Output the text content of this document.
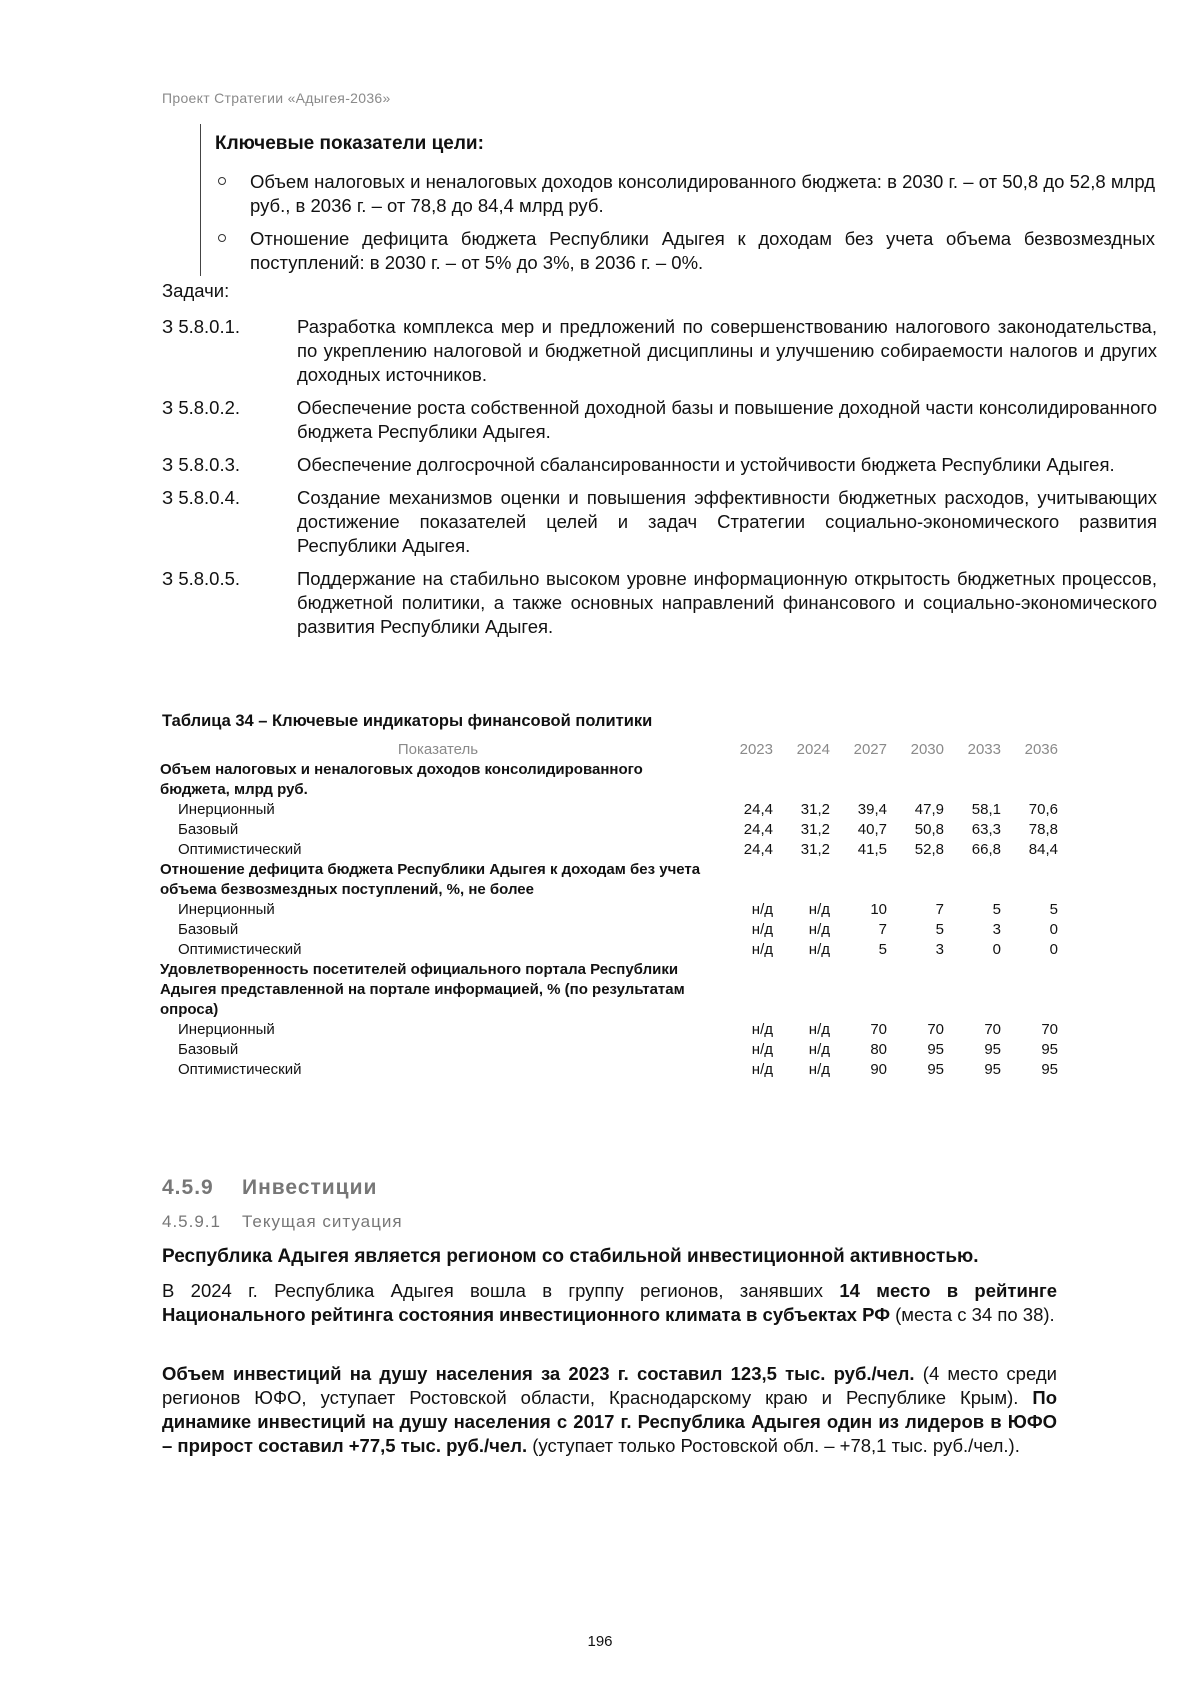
Проект Стратегии «Адыгея-2036»
Ключевые показатели цели:
Объем налоговых и неналоговых доходов консолидированного бюджета: в 2030 г. – от 50,8 до 52,8 млрд руб., в 2036 г. – от 78,8 до 84,4 млрд руб.
Отношение дефицита бюджета Республики Адыгея к доходам без учета объема безвозмездных поступлений: в 2030 г. – от 5% до 3%, в 2036 г. – 0%.
Задачи:
З 5.8.0.1.	Разработка комплекса мер и предложений по совершенствованию налогового законодательства, по укреплению налоговой и бюджетной дисциплины и улучшению собираемости налогов и других доходных источников.
З 5.8.0.2.	Обеспечение роста собственной доходной базы и повышение доходной части консолидированного бюджета Республики Адыгея.
З 5.8.0.3.	Обеспечение долгосрочной сбалансированности и устойчивости бюджета Республики Адыгея.
З 5.8.0.4.	Создание механизмов оценки и повышения эффективности бюджетных расходов, учитывающих достижение показателей целей и задач Стратегии социально-экономического развития Республики Адыгея.
З 5.8.0.5.	Поддержание на стабильно высоком уровне информационную открытость бюджетных процессов, бюджетной политики, а также основных направлений финансового и социально-экономического развития Республики Адыгея.
Таблица 34 – Ключевые индикаторы финансовой политики
Показатель	2023	2024	2027	2030	2033	2036
Объем налоговых и неналоговых доходов консолидированного бюджета, млрд руб.						
Инерционный	24,4	31,2	39,4	47,9	58,1	70,6
Базовый	24,4	31,2	40,7	50,8	63,3	78,8
Оптимистический	24,4	31,2	41,5	52,8	66,8	84,4
Отношение дефицита бюджета Республики Адыгея к доходам без учета объема безвозмездных поступлений, %, не более						
Инерционный	н/д	н/д	10	7	5	5
Базовый	н/д	н/д	7	5	3	0
Оптимистический	н/д	н/д	5	3	0	0
Удовлетворенность посетителей официального портала Республики Адыгея представленной на портале информацией, % (по результатам опроса)						
Инерционный	н/д	н/д	70	70	70	70
Базовый	н/д	н/д	80	95	95	95
Оптимистический	н/д	н/д	90	95	95	95
4.5.9 Инвестиции
4.5.9.1 Текущая ситуация
Республика Адыгея является регионом со стабильной инвестиционной активностью.
В 2024 г. Республика Адыгея вошла в группу регионов, занявших 14 место в рейтинге Национального рейтинга состояния инвестиционного климата в субъектах РФ (места с 34 по 38).
Объем инвестиций на душу населения за 2023 г. составил 123,5 тыс. руб./чел. (4 место среди регионов ЮФО, уступает Ростовской области, Краснодарскому краю и Республике Крым). По динамике инвестиций на душу населения с 2017 г. Республика Адыгея один из лидеров в ЮФО – прирост составил +77,5 тыс. руб./чел. (уступает только Ростовской обл. – +78,1 тыс. руб./чел.).
196
